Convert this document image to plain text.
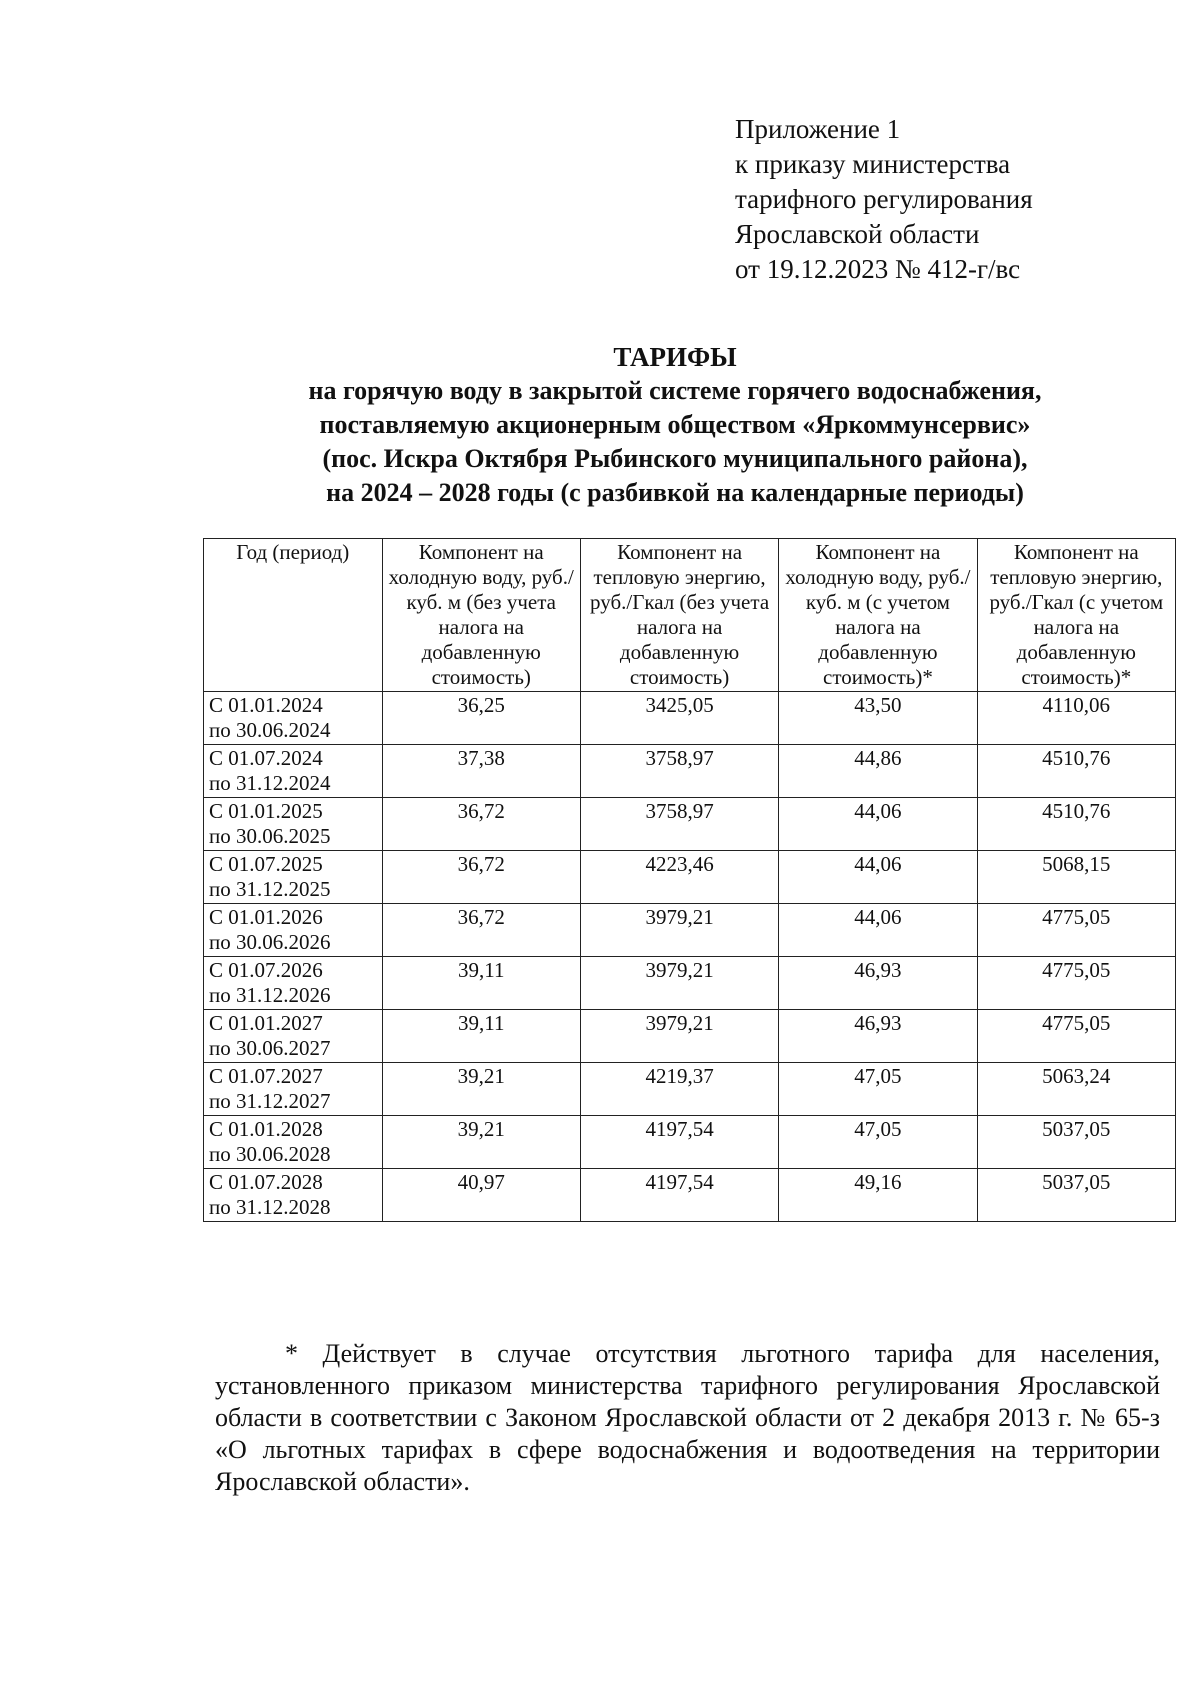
Приложение 1
к приказу министерства
тарифного регулирования
Ярославской области
от 19.12.2023 № 412-г/вс
ТАРИФЫ
на горячую воду в закрытой системе горячего водоснабжения,
поставляемую акционерным обществом «Яркоммунсервис»
(пос. Искра Октября Рыбинского муниципального района),
на 2024 – 2028 годы (с разбивкой на календарные периоды)
Год (период)	Компонент на холодную воду, руб./ куб. м (без учета налога на добавленную стоимость)	Компонент на тепловую энергию, руб./Гкал (без учета налога на добавленную стоимость)	Компонент на холодную воду, руб./ куб. м (с учетом налога на добавленную стоимость)*	Компонент на тепловую энергию, руб./Гкал (с учетом налога на добавленную стоимость)*

С 01.01.2024
по 30.06.2024	36,25	3425,05	43,50	4110,06

С 01.07.2024
по 31.12.2024	37,38	3758,97	44,86	4510,76

С 01.01.2025
по 30.06.2025	36,72	3758,97	44,06	4510,76

С 01.07.2025
по 31.12.2025	36,72	4223,46	44,06	5068,15

С 01.01.2026
по 30.06.2026	36,72	3979,21	44,06	4775,05

С 01.07.2026
по 31.12.2026	39,11	3979,21	46,93	4775,05

С 01.01.2027
по 30.06.2027	39,11	3979,21	46,93	4775,05

С 01.07.2027
по 31.12.2027	39,21	4219,37	47,05	5063,24

С 01.01.2028
по 30.06.2028	39,21	4197,54	47,05	5037,05

С 01.07.2028
по 31.12.2028	40,97	4197,54	49,16	5037,05
* Действует в случае отсутствия льготного тарифа для населения, установленного приказом министерства тарифного регулирования Ярославской области в соответствии с Законом Ярославской области от 2 декабря 2013 г. № 65-з «О льготных тарифах в сфере водоснабжения и водоотведения на территории Ярославской области».
